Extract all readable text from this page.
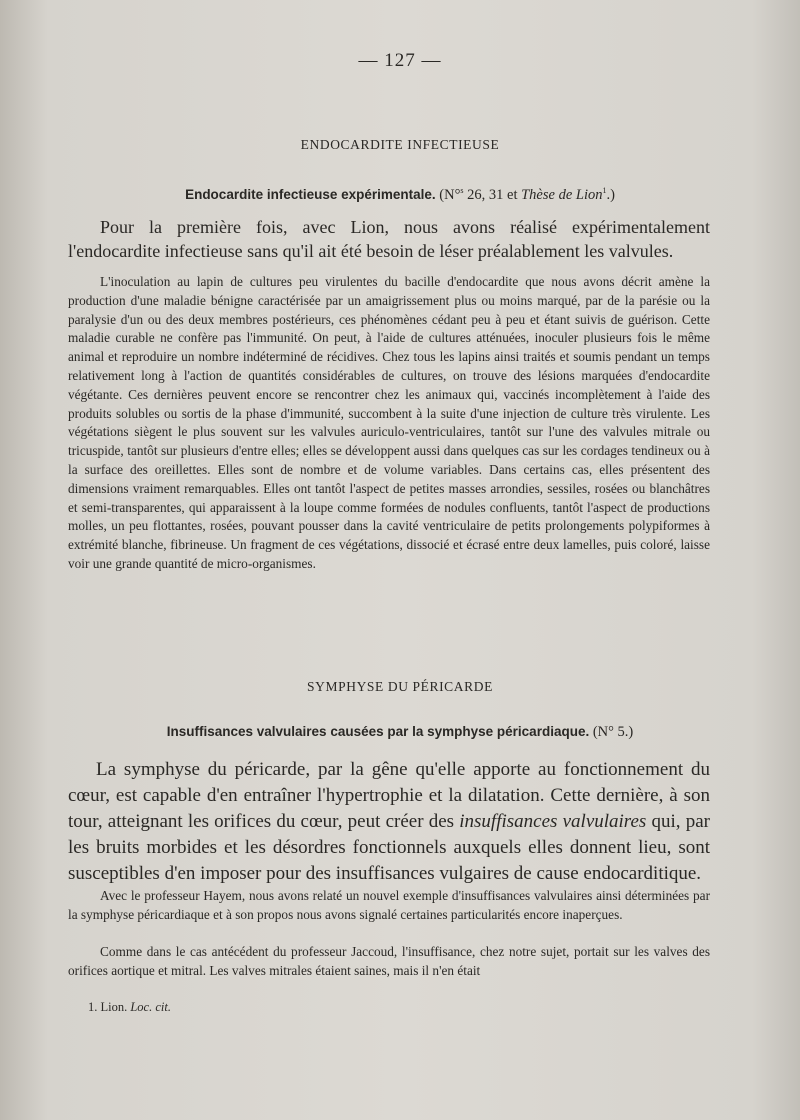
— 127 —
ENDOCARDITE INFECTIEUSE
Endocardite infectieuse expérimentale. (N°$^s$ 26, 31 et Thèse de Lion$^1$.)

Pour la première fois, avec Lion, nous avons réalisé expérimentalement l'endocardite infectieuse sans qu'il ait été besoin de léser préalablement les valvules.

L'inoculation au lapin de cultures peu virulentes du bacille d'endocardite que nous avons décrit amène la production d'une maladie bénigne caractérisée par un amaigrissement plus ou moins marqué, par de la parésie ou la paralysie d'un ou des deux membres postérieurs, ces phénomènes cédant peu à peu et étant suivis de guérison. Cette maladie curable ne confère pas l'immunité. On peut, à l'aide de cultures atténuées, inoculer plusieurs fois le même animal et reproduire un nombre indéterminé de récidives. Chez tous les lapins ainsi traités et soumis pendant un temps relativement long à l'action de quantités considérables de cultures, on trouve des lésions marquées d'endocardite végétante. Ces dernières peuvent encore se rencontrer chez les animaux qui, vaccinés incomplètement à l'aide des produits solubles ou sortis de la phase d'immunité, succombent à la suite d'une injection de culture très virulente. Les végétations siègent le plus souvent sur les valvules auriculo-ventriculaires, tantôt sur l'une des valvules mitrale ou tricuspide, tantôt sur plusieurs d'entre elles; elles se développent aussi dans quelques cas sur les cordages tendineux ou à la surface des oreillettes. Elles sont de nombre et de volume variables. Dans certains cas, elles présentent des dimensions vraiment remarquables. Elles ont tantôt l'aspect de petites masses arrondies, sessiles, rosées ou blanchâtres et semi-transparentes, qui apparaissent à la loupe comme formées de nodules confluents, tantôt l'aspect de productions molles, un peu flottantes, rosées, pouvant pousser dans la cavité ventriculaire de petits prolongements polypiformes à extrémité blanche, fibrineuse. Un fragment de ces végétations, dissocié et écrasé entre deux lamelles, puis coloré, laisse voir une grande quantité de micro-organismes.

SYMPHYSE DU PÉRICARDE
Insuffisances valvulaires causées par la symphyse péricardiaque. (N° 5.)

La symphyse du péricarde, par la gêne qu'elle apporte au fonctionnement du cœur, est capable d'en entraîner l'hypertrophie et la dilatation. Cette dernière, à son tour, atteignant les orifices du cœur, peut créer des insuffisances valvulaires qui, par les bruits morbides et les désordres fonctionnels auxquels elles donnent lieu, sont susceptibles d'en imposer pour des insuffisances vulgaires de cause endocarditique.

Avec le professeur Hayem, nous avons relaté un nouvel exemple d'insuffisances valvulaires ainsi déterminées par la symphyse péricardiaque et à son propos nous avons signalé certaines particularités encore inaperçues.

Comme dans le cas antécédent du professeur Jaccoud, l'insuffisance, chez notre sujet, portait sur les valves des orifices aortique et mitral. Les valves mitrales étaient saines, mais il n'en était

1. Lion. Loc. cit.
